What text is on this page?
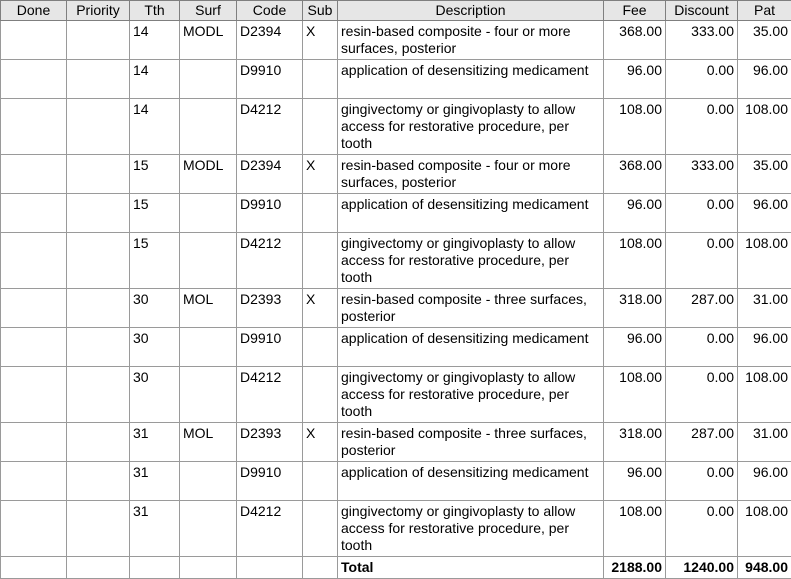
Done	Priority	Tth	Surf	Code	Sub	Description	Fee	Discount	Pat
		14	MODL	D2394	X	resin-based composite - four or more surfaces, posterior	368.00	333.00	35.00
		14		D9910		application of desensitizing medicament	96.00	0.00	96.00
		14		D4212		gingivectomy or gingivoplasty to allow access for restorative procedure, per tooth	108.00	0.00	108.00
		15	MODL	D2394	X	resin-based composite - four or more surfaces, posterior	368.00	333.00	35.00
		15		D9910		application of desensitizing medicament	96.00	0.00	96.00
		15		D4212		gingivectomy or gingivoplasty to allow access for restorative procedure, per tooth	108.00	0.00	108.00
		30	MOL	D2393	X	resin-based composite - three surfaces, posterior	318.00	287.00	31.00
		30		D9910		application of desensitizing medicament	96.00	0.00	96.00
		30		D4212		gingivectomy or gingivoplasty to allow access for restorative procedure, per tooth	108.00	0.00	108.00
		31	MOL	D2393	X	resin-based composite - three surfaces, posterior	318.00	287.00	31.00
		31		D9910		application of desensitizing medicament	96.00	0.00	96.00
		31		D4212		gingivectomy or gingivoplasty to allow access for restorative procedure, per tooth	108.00	0.00	108.00
						Total	2188.00	1240.00	948.00
